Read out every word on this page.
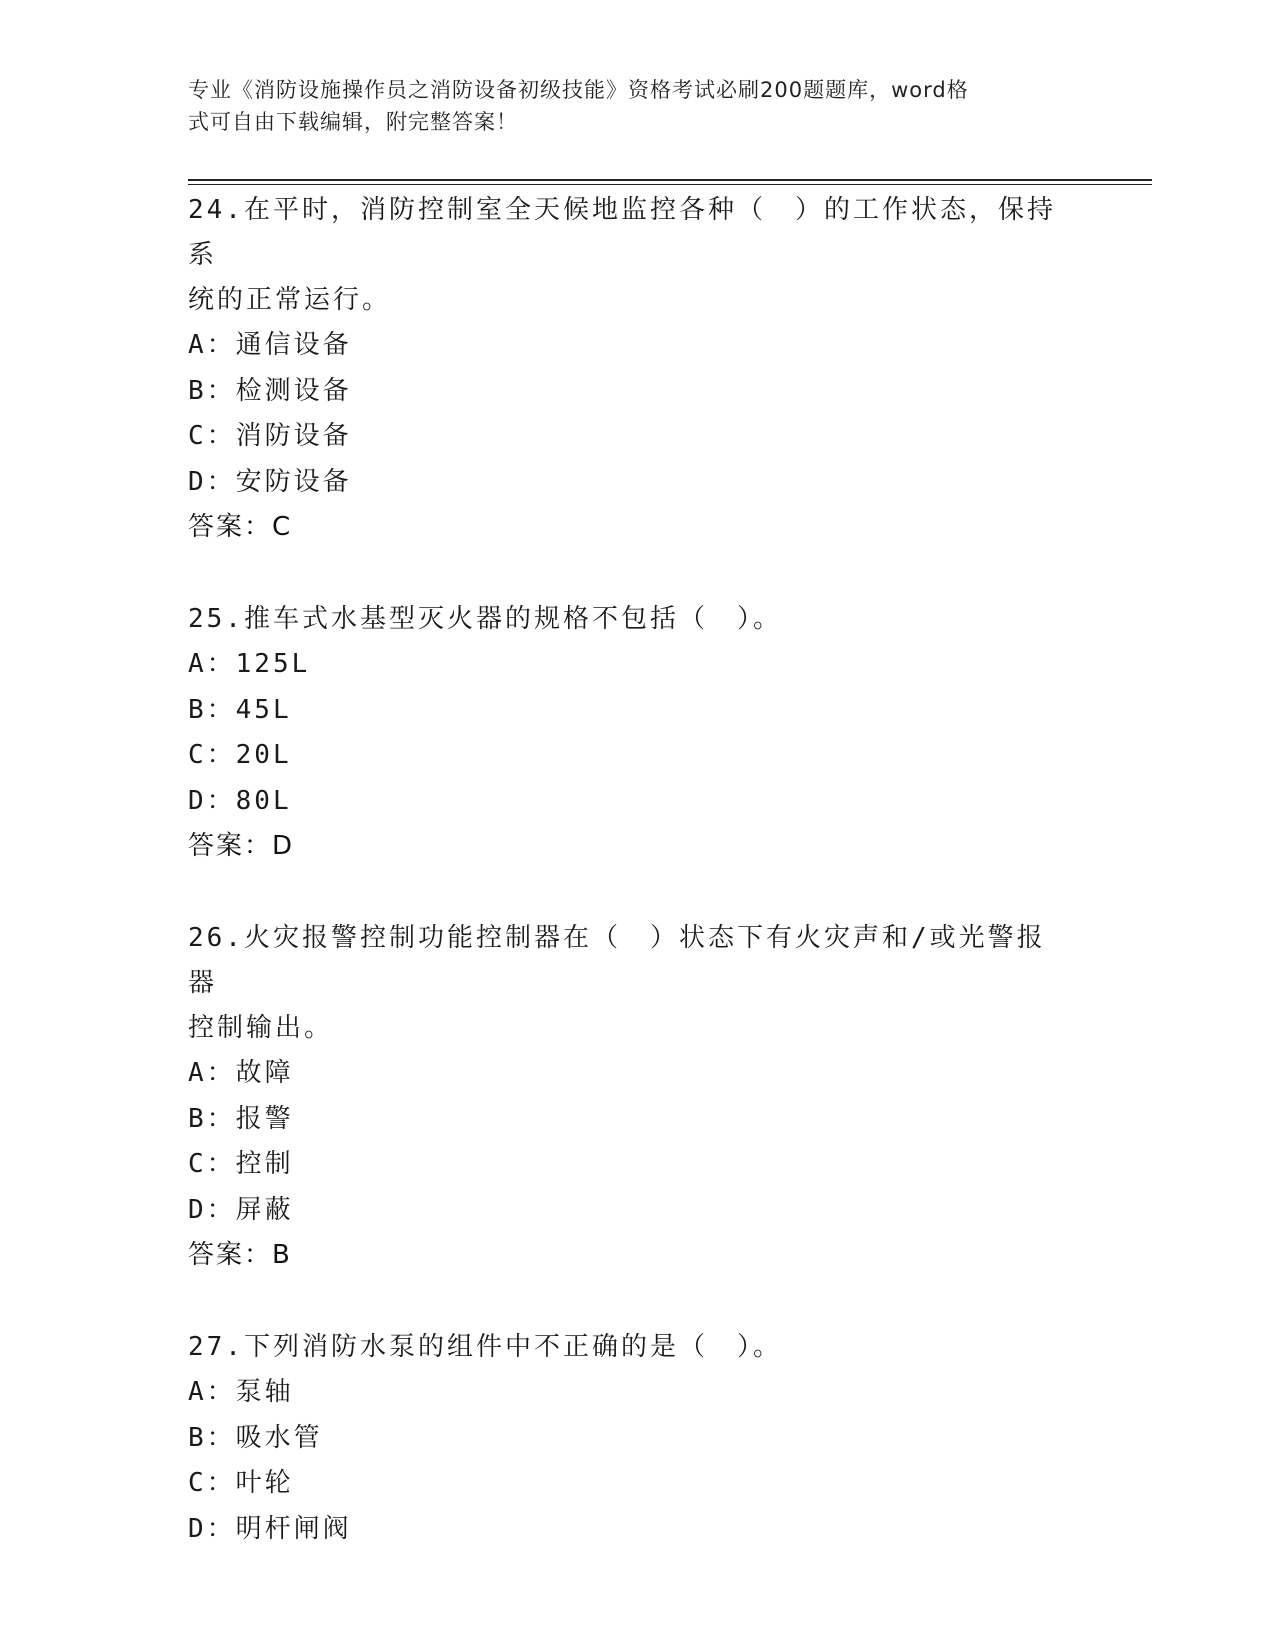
专业《消防设施操作员之消防设备初级技能》资格考试必刷200题题库，word格
式可自由下载编辑，附完整答案！
24.在平时，消防控制室全天候地监控各种（　）的工作状态，保持系
统的正常运行。
A：通信设备
B：检测设备
C：消防设备
D：安防设备
答案：C
25.推车式水基型灭火器的规格不包括（　）。
A：125L
B：45L
C：20L
D：80L
答案：D
26.火灾报警控制功能控制器在（　）状态下有火灾声和/或光警报器
控制输出。
A：故障
B：报警
C：控制
D：屏蔽
答案：B
27.下列消防水泵的组件中不正确的是（　）。
A：泵轴
B：吸水管
C：叶轮
D：明杆闸阀
